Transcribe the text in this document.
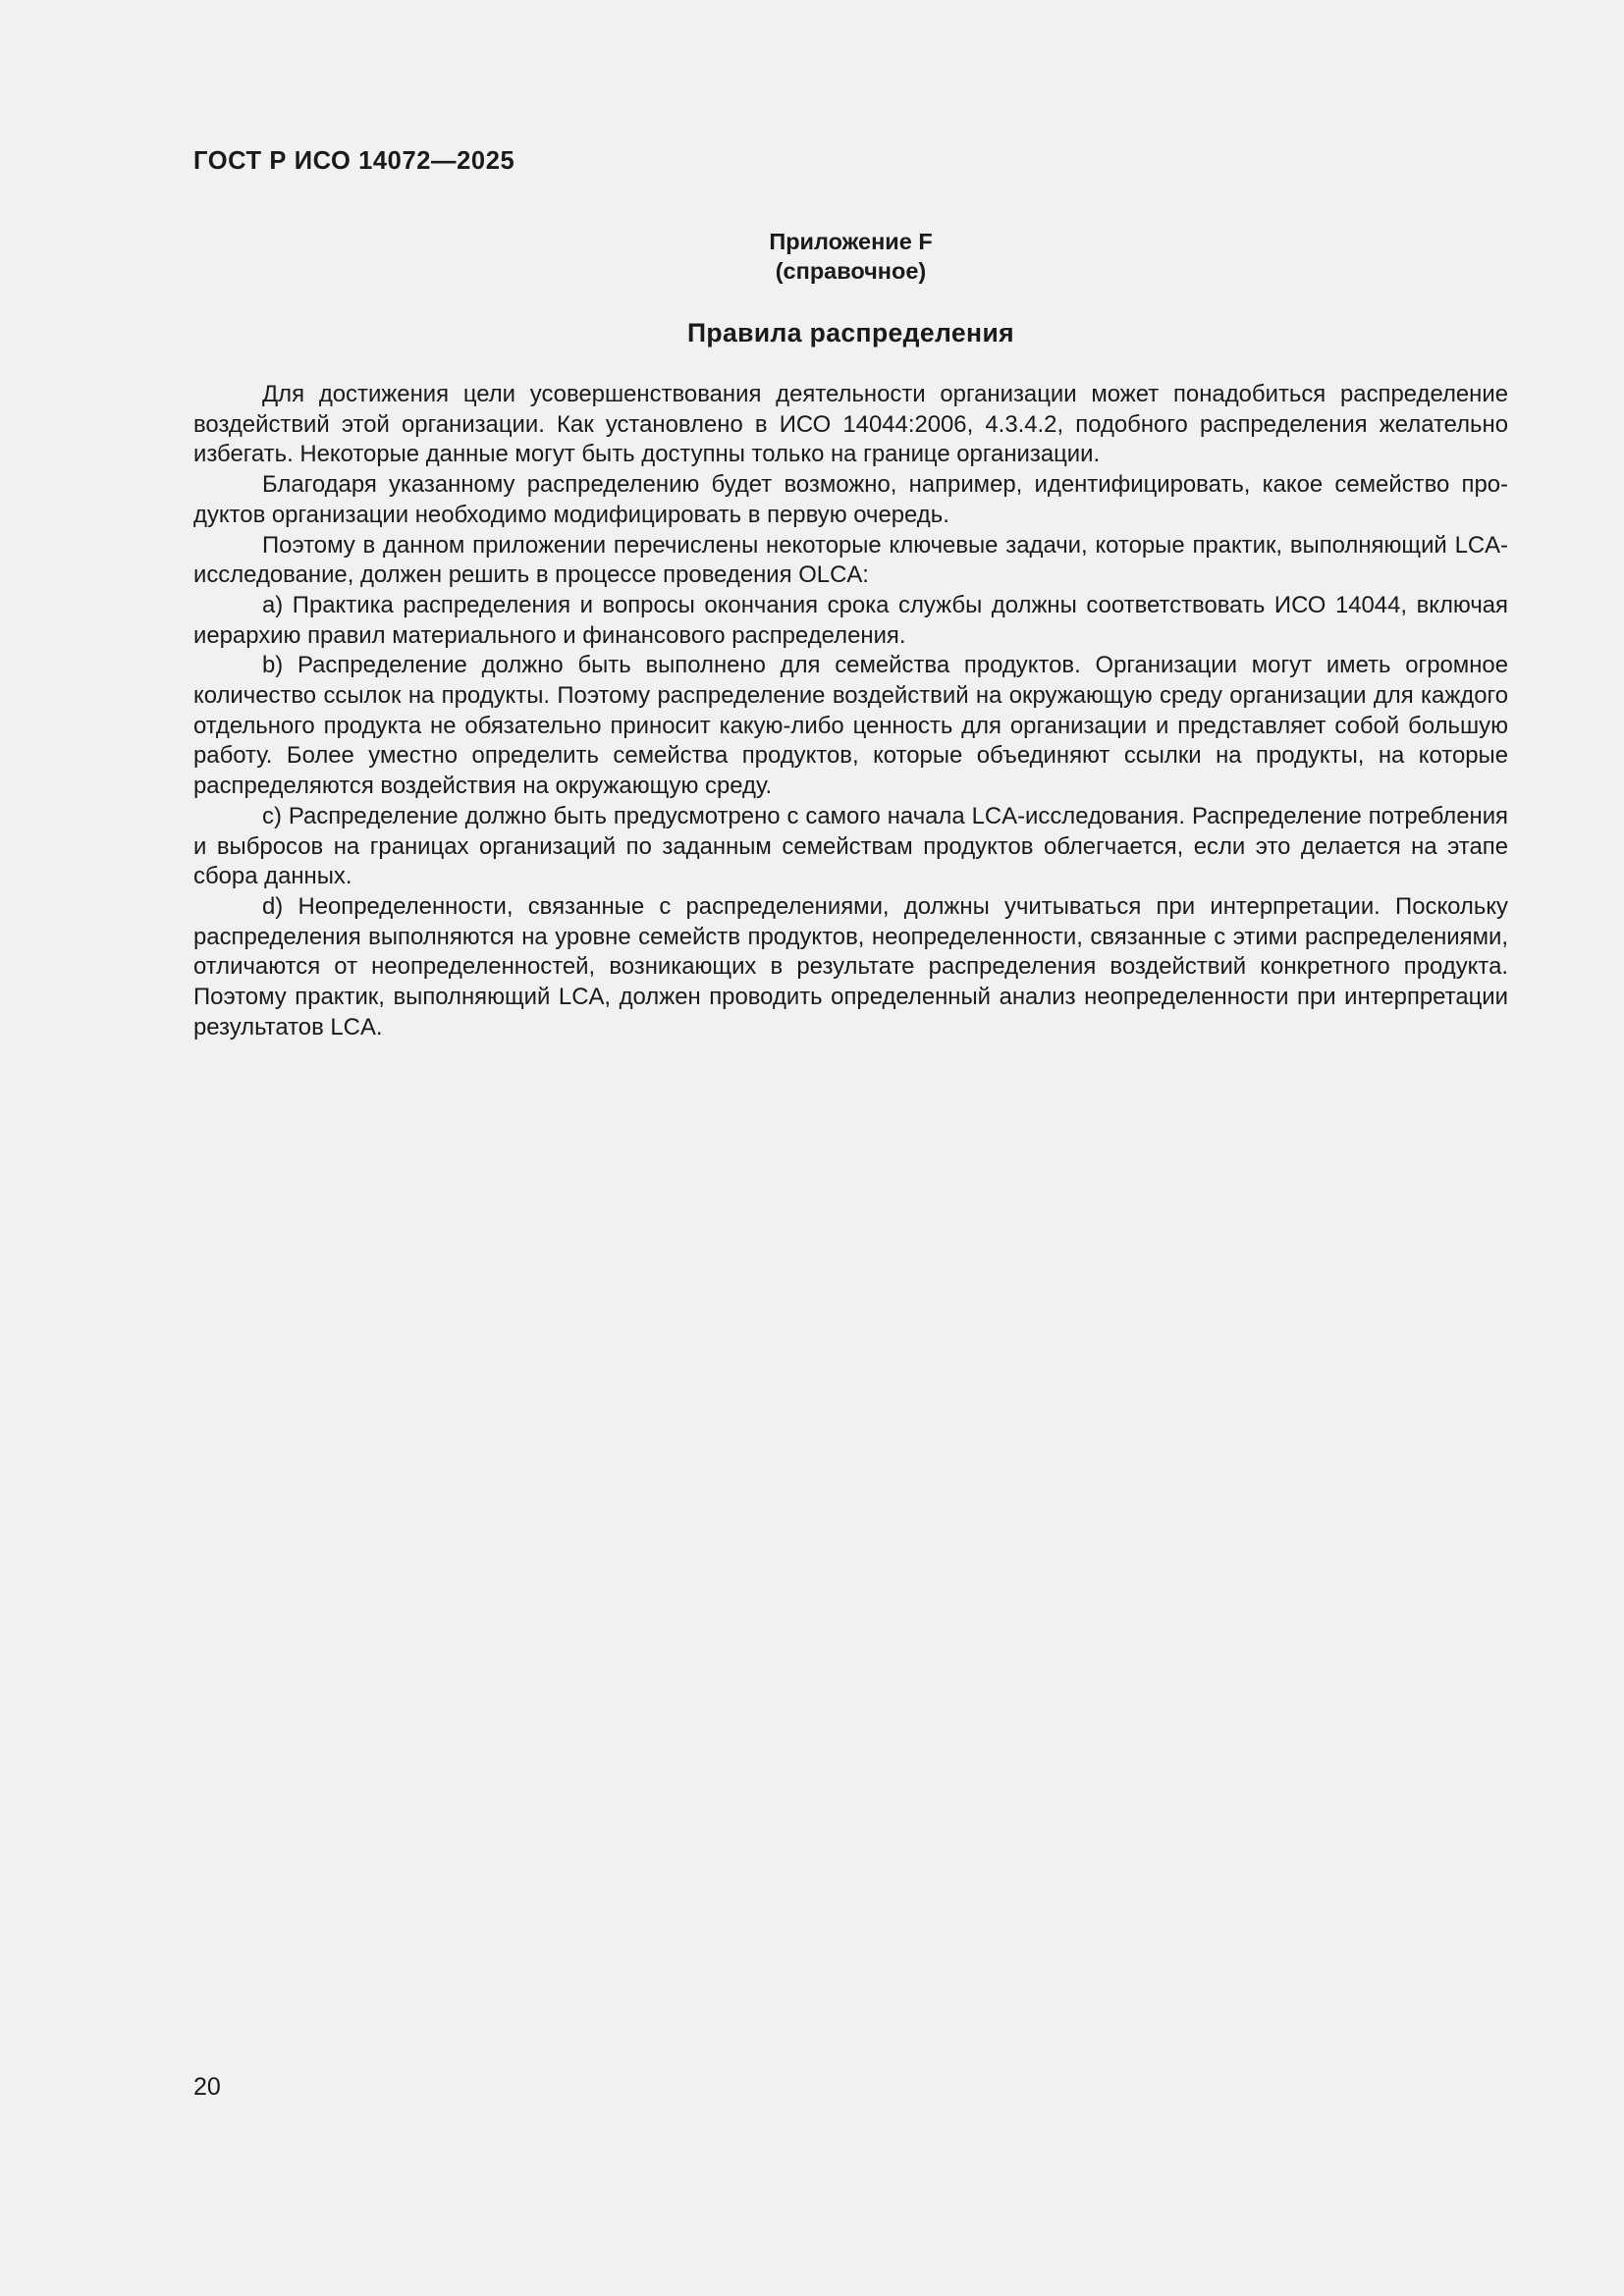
ГОСТ Р ИСО 14072—2025
Приложение F
(справочное)
Правила распределения

Для достижения цели усовершенствования деятельности организации может понадобиться распределение воздействий этой организации. Как установлено в ИСО 14044:2006, 4.3.4.2, подобного распределения желательно избегать. Некоторые данные могут быть доступны только на границе организации.

Благодаря указанному распределению будет возможно, например, идентифицировать, какое семейство продуктов организации необходимо модифицировать в первую очередь.

Поэтому в данном приложении перечислены некоторые ключевые задачи, которые практик, выполняющий LCA-исследование, должен решить в процессе проведения OLCA:

a) Практика распределения и вопросы окончания срока службы должны соответствовать ИСО 14044, включая иерархию правил материального и финансового распределения.

b) Распределение должно быть выполнено для семейства продуктов. Организации могут иметь огромное количество ссылок на продукты. Поэтому распределение воздействий на окружающую среду организации для каждого отдельного продукта не обязательно приносит какую-либо ценность для организации и представляет собой большую работу. Более уместно определить семейства продуктов, которые объединяют ссылки на продукты, на которые распределяются воздействия на окружающую среду.

c) Распределение должно быть предусмотрено с самого начала LCA-исследования. Распределение потребления и выбросов на границах организаций по заданным семействам продуктов облегчается, если это делается на этапе сбора данных.

d) Неопределенности, связанные с распределениями, должны учитываться при интерпретации. Поскольку распределения выполняются на уровне семейств продуктов, неопределенности, связанные с этими распределениями, отличаются от неопределенностей, возникающих в результате распределения воздействий конкретного продукта. Поэтому практик, выполняющий LCA, должен проводить определенный анализ неопределенности при интерпретации результатов LCA.

20
